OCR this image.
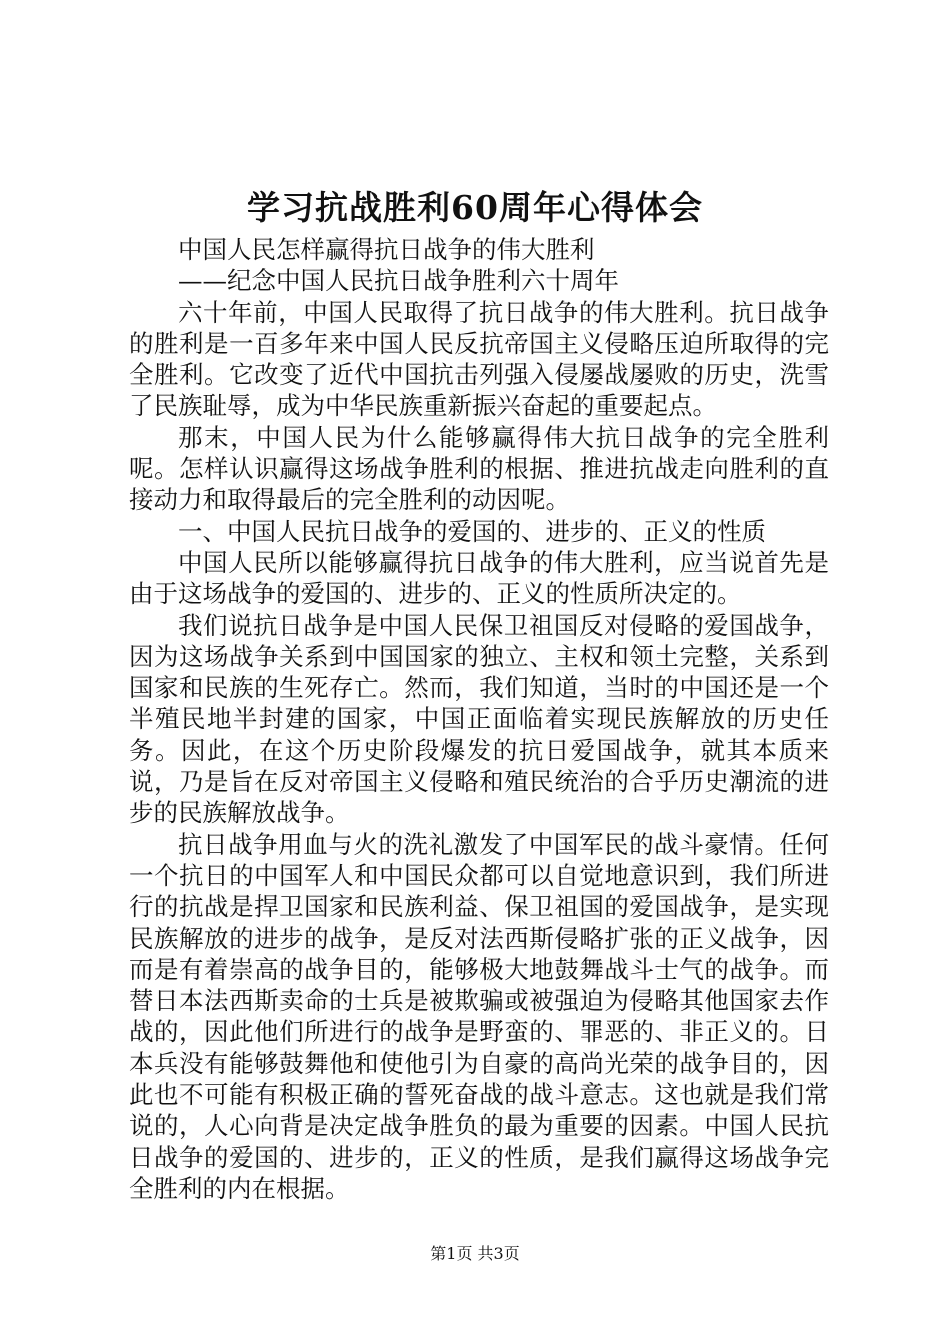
学习抗战胜利60周年心得体会

中国人民怎样赢得抗日战争的伟大胜利

——纪念中国人民抗日战争胜利六十周年

六十年前，中国人民取得了抗日战争的伟大胜利。抗日战争的胜利是一百多年来中国人民反抗帝国主义侵略压迫所取得的完全胜利。它改变了近代中国抗击列强入侵屡战屡败的历史，洗雪了民族耻辱，成为中华民族重新振兴奋起的重要起点。

那末，中国人民为什么能够赢得伟大抗日战争的完全胜利呢。怎样认识赢得这场战争胜利的根据、推进抗战走向胜利的直接动力和取得最后的完全胜利的动因呢。

一、中国人民抗日战争的爱国的、进步的、正义的性质

中国人民所以能够赢得抗日战争的伟大胜利，应当说首先是由于这场战争的爱国的、进步的、正义的性质所决定的。

我们说抗日战争是中国人民保卫祖国反对侵略的爱国战争，因为这场战争关系到中国国家的独立、主权和领土完整，关系到国家和民族的生死存亡。然而，我们知道，当时的中国还是一个半殖民地半封建的国家，中国正面临着实现民族解放的历史任务。因此，在这个历史阶段爆发的抗日爱国战争，就其本质来说，乃是旨在反对帝国主义侵略和殖民统治的合乎历史潮流的进步的民族解放战争。

抗日战争用血与火的洗礼激发了中国军民的战斗豪情。任何一个抗日的中国军人和中国民众都可以自觉地意识到，我们所进行的抗战是捍卫国家和民族利益、保卫祖国的爱国战争，是实现民族解放的进步的战争，是反对法西斯侵略扩张的正义战争，因而是有着崇高的战争目的，能够极大地鼓舞战斗士气的战争。而替日本法西斯卖命的士兵是被欺骗或被强迫为侵略其他国家去作战的，因此他们所进行的战争是野蛮的、罪恶的、非正义的。日本兵没有能够鼓舞他和使他引为自豪的高尚光荣的战争目的，因此也不可能有积极正确的誓死奋战的战斗意志。这也就是我们常说的，人心向背是决定战争胜负的最为重要的因素。中国人民抗日战争的爱国的、进步的，正义的性质，是我们赢得这场战争完全胜利的内在根据。

第1页 共3页
